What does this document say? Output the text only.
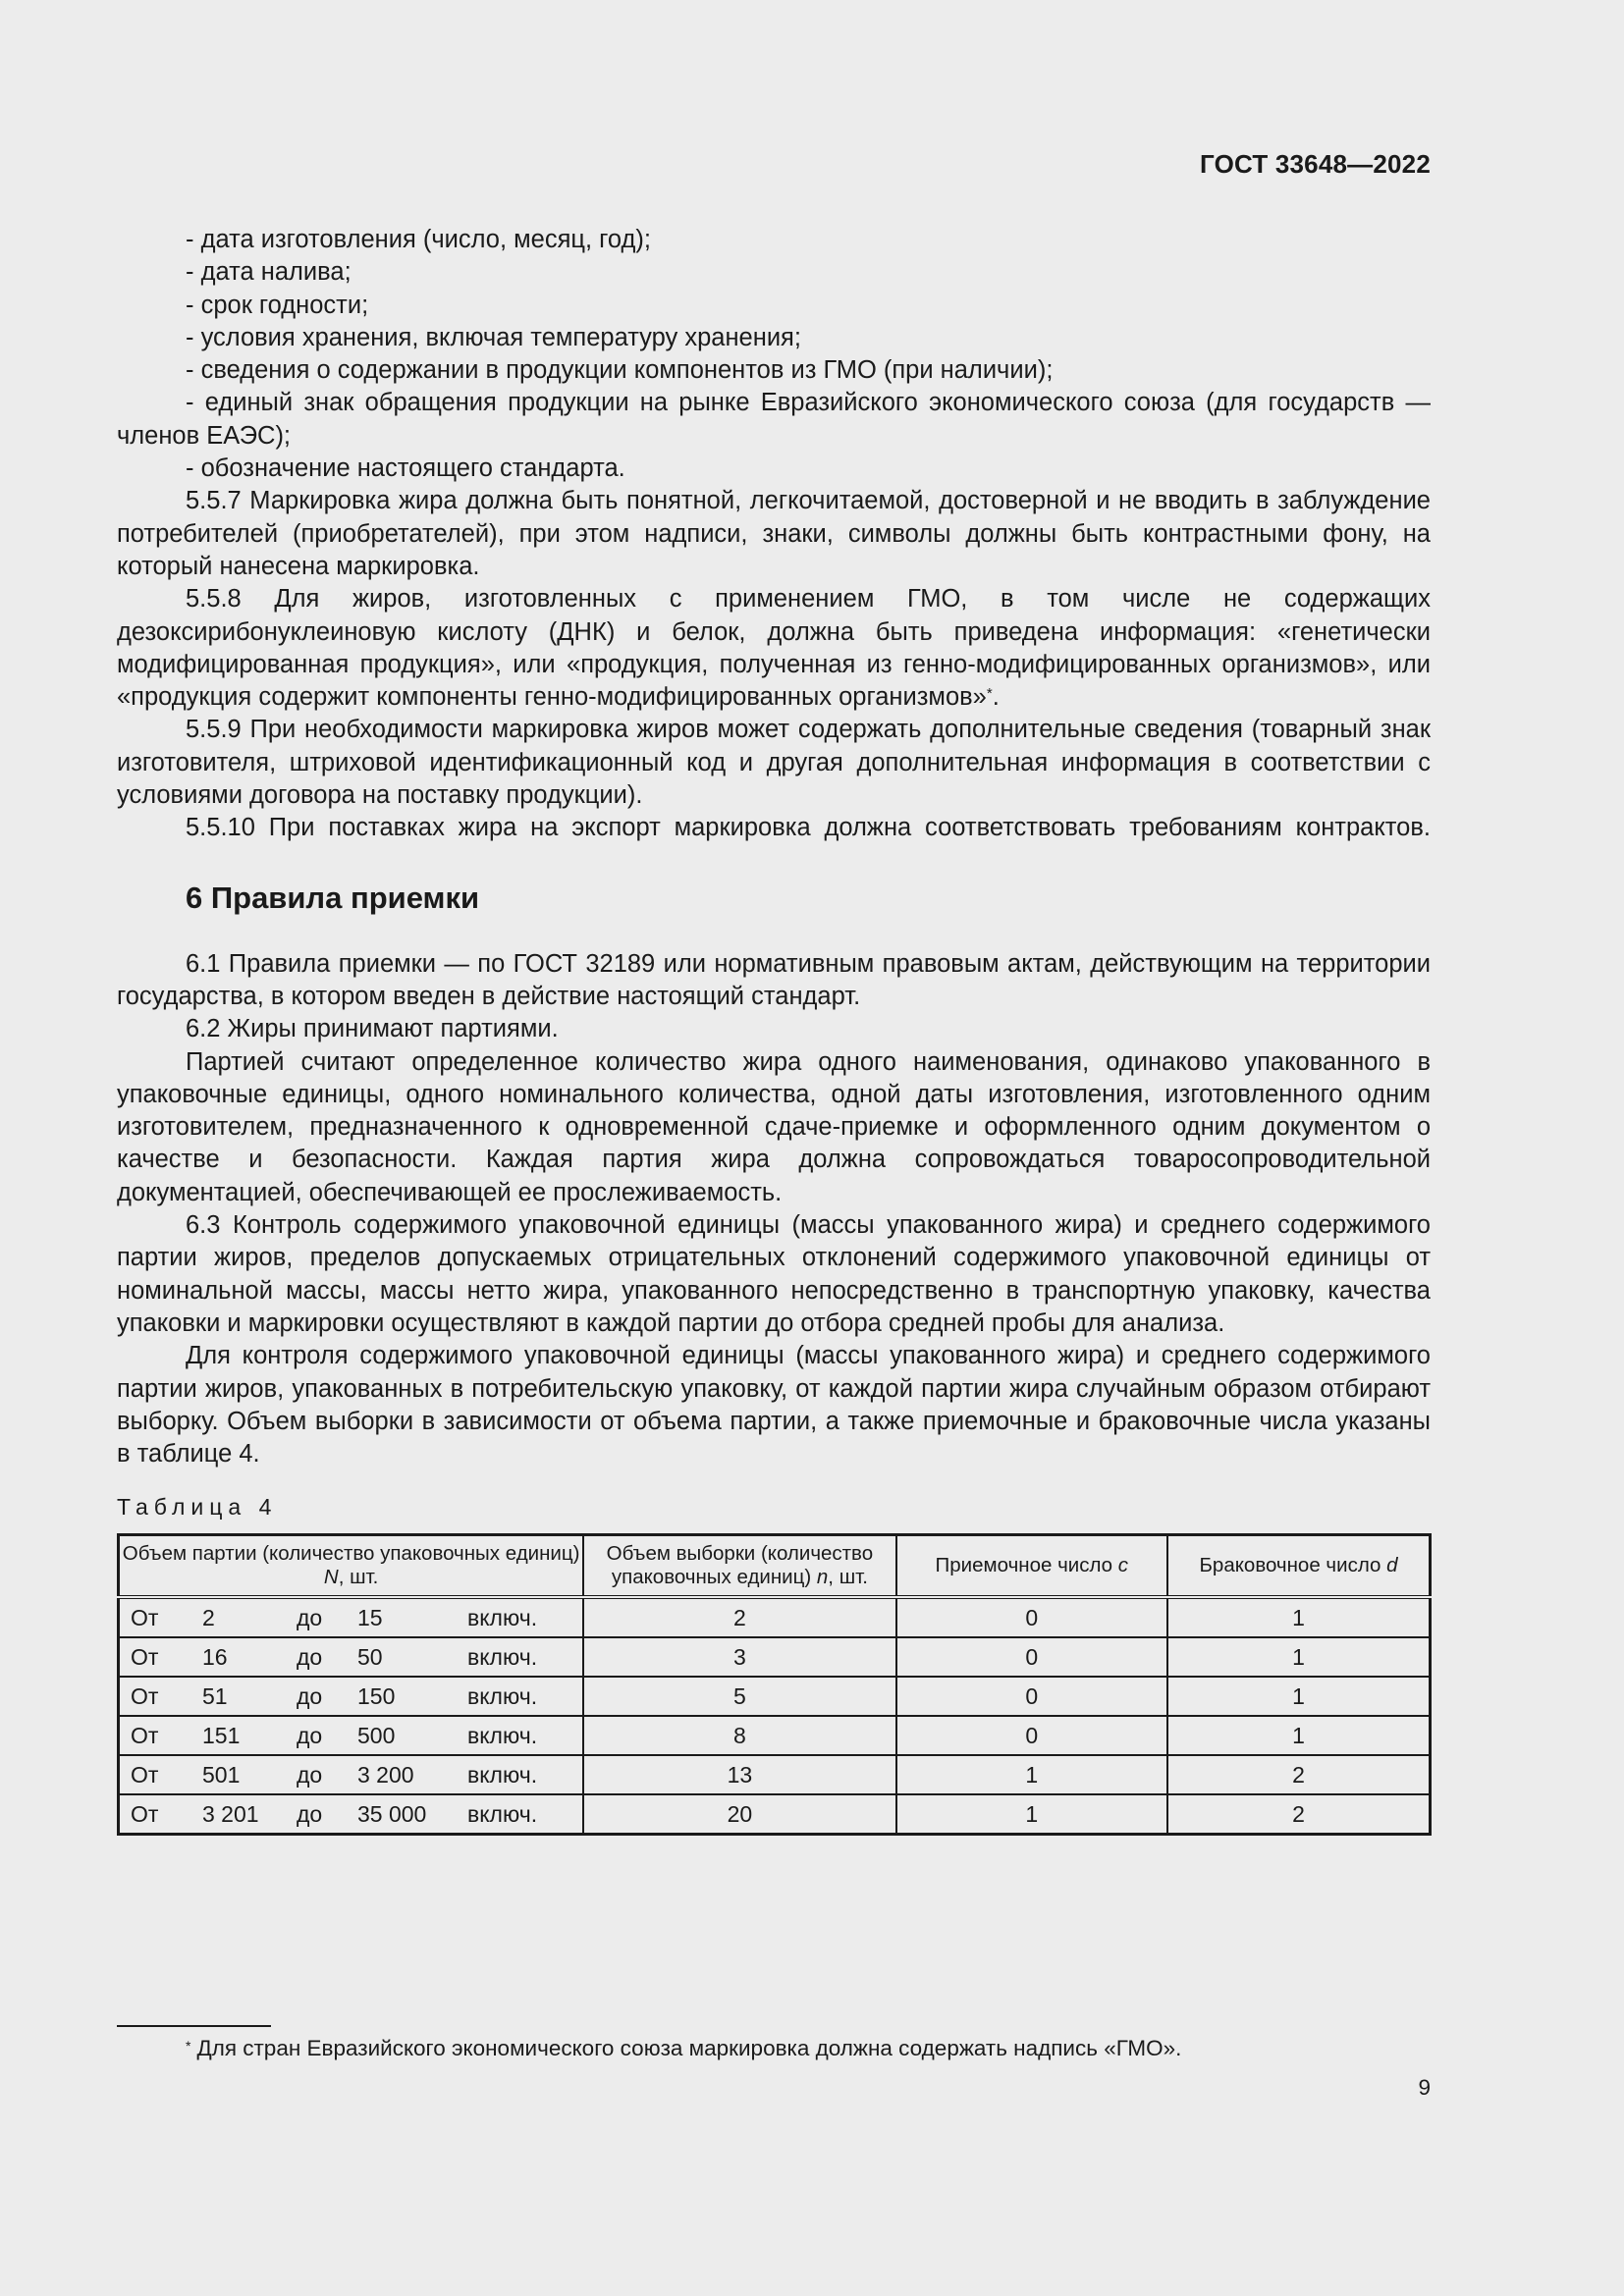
ГОСТ 33648—2022

- дата изготовления (число, месяц, год);

- дата налива;

- срок годности;

- условия хранения, включая температуру хранения;

- сведения о содержании в продукции компонентов из ГМО (при наличии);

- единый знак обращения продукции на рынке Евразийского экономического союза (для государств — членов ЕАЭС);

- обозначение настоящего стандарта.

5.5.7 Маркировка жира должна быть понятной, легкочитаемой, достоверной и не вводить в заблуждение потребителей (приобретателей), при этом надписи, знаки, символы должны быть контрастными фону, на который нанесена маркировка.

5.5.8 Для жиров, изготовленных с применением ГМО, в том числе не содержащих дезоксирибонуклеиновую кислоту (ДНК) и белок, должна быть приведена информация: «генетически модифицированная продукция», или «продукция, полученная из генно-модифицированных организмов», или «продукция содержит компоненты генно-модифицированных организмов»*.

5.5.9 При необходимости маркировка жиров может содержать дополнительные сведения (товарный знак изготовителя, штриховой идентификационный код и другая дополнительная информация в соответствии с условиями договора на поставку продукции).

5.5.10 При поставках жира на экспорт маркировка должна соответствовать требованиям контрактов.

6 Правила приемки

6.1 Правила приемки — по ГОСТ 32189 или нормативным правовым актам, действующим на территории государства, в котором введен в действие настоящий стандарт.

6.2 Жиры принимают партиями.

Партией считают определенное количество жира одного наименования, одинаково упакованного в упаковочные единицы, одного номинального количества, одной даты изготовления, изготовленного одним изготовителем, предназначенного к одновременной сдаче-приемке и оформленного одним документом о качестве и безопасности. Каждая партия жира должна сопровождаться товаросопроводительной документацией, обеспечивающей ее прослеживаемость.

6.3 Контроль содержимого упаковочной единицы (массы упакованного жира) и среднего содержимого партии жиров, пределов допускаемых отрицательных отклонений содержимого упаковочной единицы от номинальной массы, массы нетто жира, упакованного непосредственно в транспортную упаковку, качества упаковки и маркировки осуществляют в каждой партии до отбора средней пробы для анализа.

Для контроля содержимого упаковочной единицы (массы упакованного жира) и среднего содержимого партии жиров, упакованных в потребительскую упаковку, от каждой партии жира случайным образом отбирают выборку. Объем выборки в зависимости от объема партии, а также приемочные и браковочные числа указаны в таблице 4.

Таблица 4
Объем партии (количество упаковочных единиц) N, шт.	Объем выборки (количество упаковочных единиц) n, шт.	Приемочное число c	Браковочное число d
От 2 до 15 включ.	2	0	1
От 16 до 50 включ.	3	0	1
От 51 до 150 включ.	5	0	1
От 151 до 500 включ.	8	0	1
От 501 до 3 200 включ.	13	1	2
От 3 201 до 35 000 включ.	20	1	2
* Для стран Евразийского экономического союза маркировка должна содержать надпись «ГМО».
9
